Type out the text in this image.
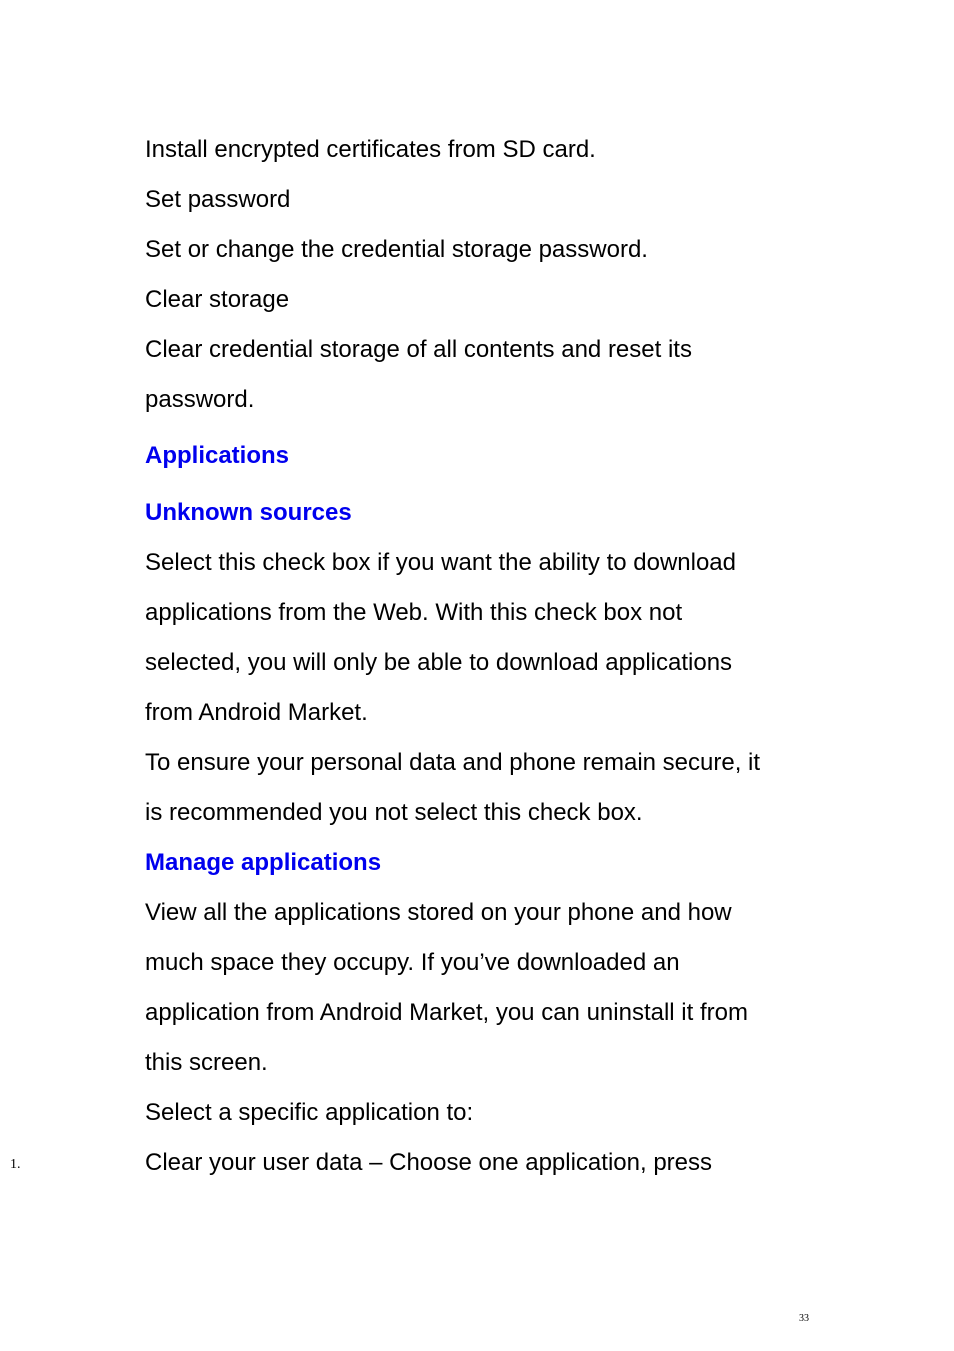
Install encrypted certificates from SD card.
Set password
Set or change the credential storage password.
Clear storage
Clear credential storage of all contents and reset its
password.
Applications
Unknown sources
Select this check box if you want the ability to download
applications from the Web. With this check box not
selected, you will only be able to download applications
from Android Market.
To ensure your personal data and phone remain secure, it
is recommended you not select this check box.
Manage applications
View all the applications stored on your phone and how
much space they occupy. If you’ve downloaded an
application from Android Market, you can uninstall it from
this screen.
Select a specific application to:
1.	Clear your user data – Choose one application, press
33
